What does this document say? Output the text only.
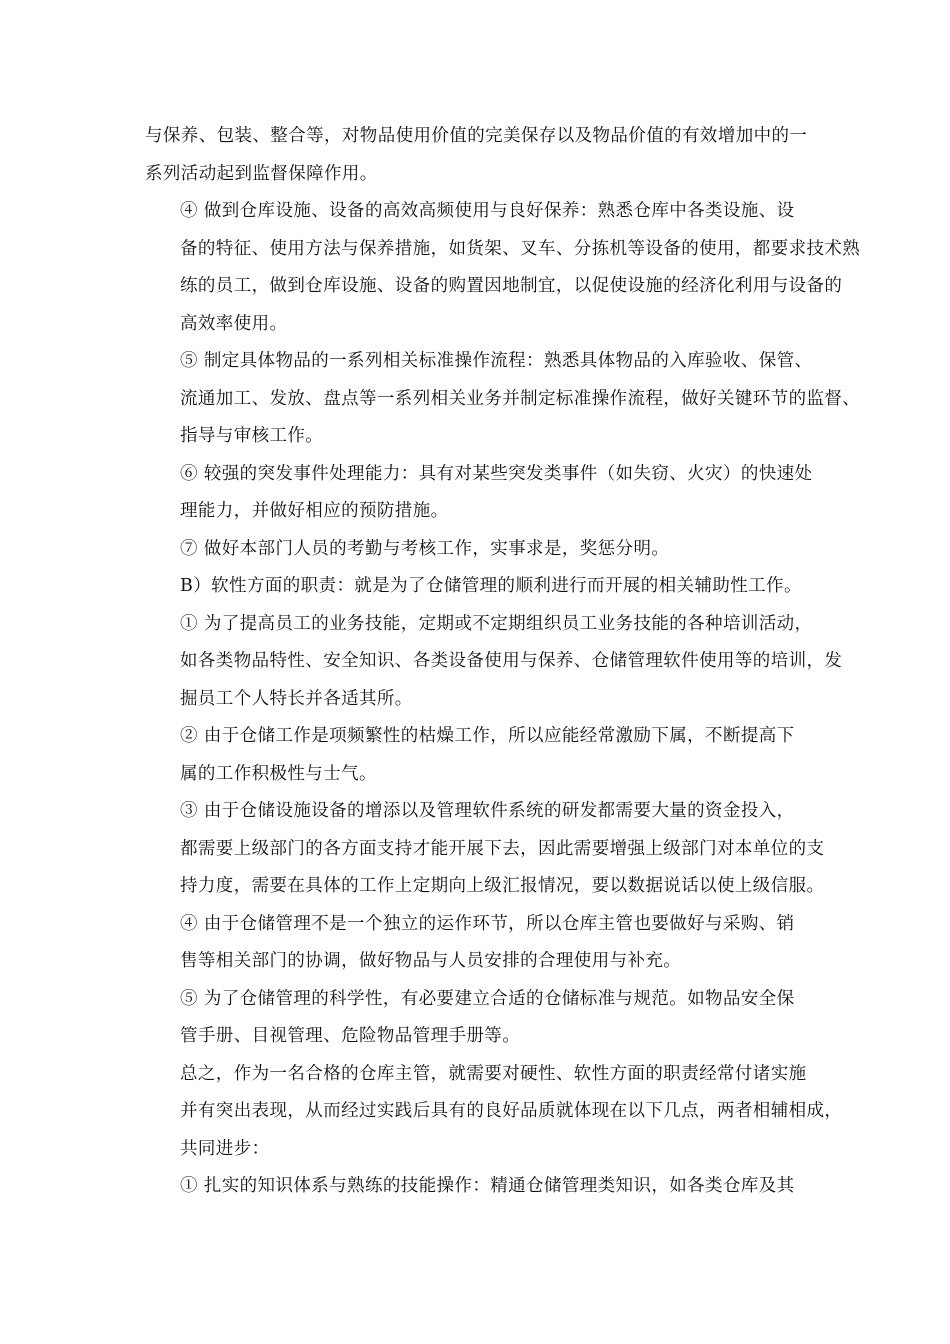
与保养、包装、整合等，对物品使用价值的完美保存以及物品价值的有效增加中的一
系列活动起到监督保障作用。
④ 做到仓库设施、设备的高效高频使用与良好保养：熟悉仓库中各类设施、设
备的特征、使用方法与保养措施，如货架、叉车、分拣机等设备的使用，都要求技术熟
练的员工，做到仓库设施、设备的购置因地制宜，以促使设施的经济化利用与设备的
高效率使用。
⑤ 制定具体物品的一系列相关标准操作流程：熟悉具体物品的入库验收、保管、
流通加工、发放、盘点等一系列相关业务并制定标准操作流程，做好关键环节的监督、
指导与审核工作。
⑥ 较强的突发事件处理能力：具有对某些突发类事件（如失窃、火灾）的快速处
理能力，并做好相应的预防措施。
⑦ 做好本部门人员的考勤与考核工作，实事求是，奖惩分明。
B）软性方面的职责：就是为了仓储管理的顺利进行而开展的相关辅助性工作。
① 为了提高员工的业务技能，定期或不定期组织员工业务技能的各种培训活动，
如各类物品特性、安全知识、各类设备使用与保养、仓储管理软件使用等的培训，发
掘员工个人特长并各适其所。
② 由于仓储工作是项频繁性的枯燥工作，所以应能经常激励下属，不断提高下
属的工作积极性与士气。
③ 由于仓储设施设备的增添以及管理软件系统的研发都需要大量的资金投入，
都需要上级部门的各方面支持才能开展下去，因此需要增强上级部门对本单位的支
持力度，需要在具体的工作上定期向上级汇报情况，要以数据说话以使上级信服。
④ 由于仓储管理不是一个独立的运作环节，所以仓库主管也要做好与采购、销
售等相关部门的协调，做好物品与人员安排的合理使用与补充。
⑤ 为了仓储管理的科学性，有必要建立合适的仓储标准与规范。如物品安全保
管手册、目视管理、危险物品管理手册等。
总之，作为一名合格的仓库主管，就需要对硬性、软性方面的职责经常付诸实施
并有突出表现，从而经过实践后具有的良好品质就体现在以下几点，两者相辅相成，
共同进步：
① 扎实的知识体系与熟练的技能操作：精通仓储管理类知识，如各类仓库及其
